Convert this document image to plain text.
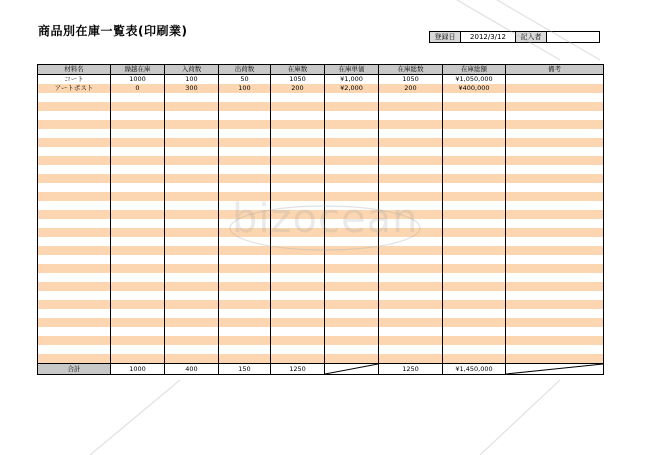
商品別在庫一覧表(印刷業)	登録日	2012/3/12	記入者	
材料名	繰越在庫	入荷数	出荷数	在庫数	在庫単価	在庫総数	在庫総額	備考
コート	1000	100	50	1050	¥1,000	1050	¥1,050,000	
アートポスト	0	300	100	200	¥2,000	200	¥400,000	

合計	1000	400	150	1250		1250	¥1,450,000	
bizocean
